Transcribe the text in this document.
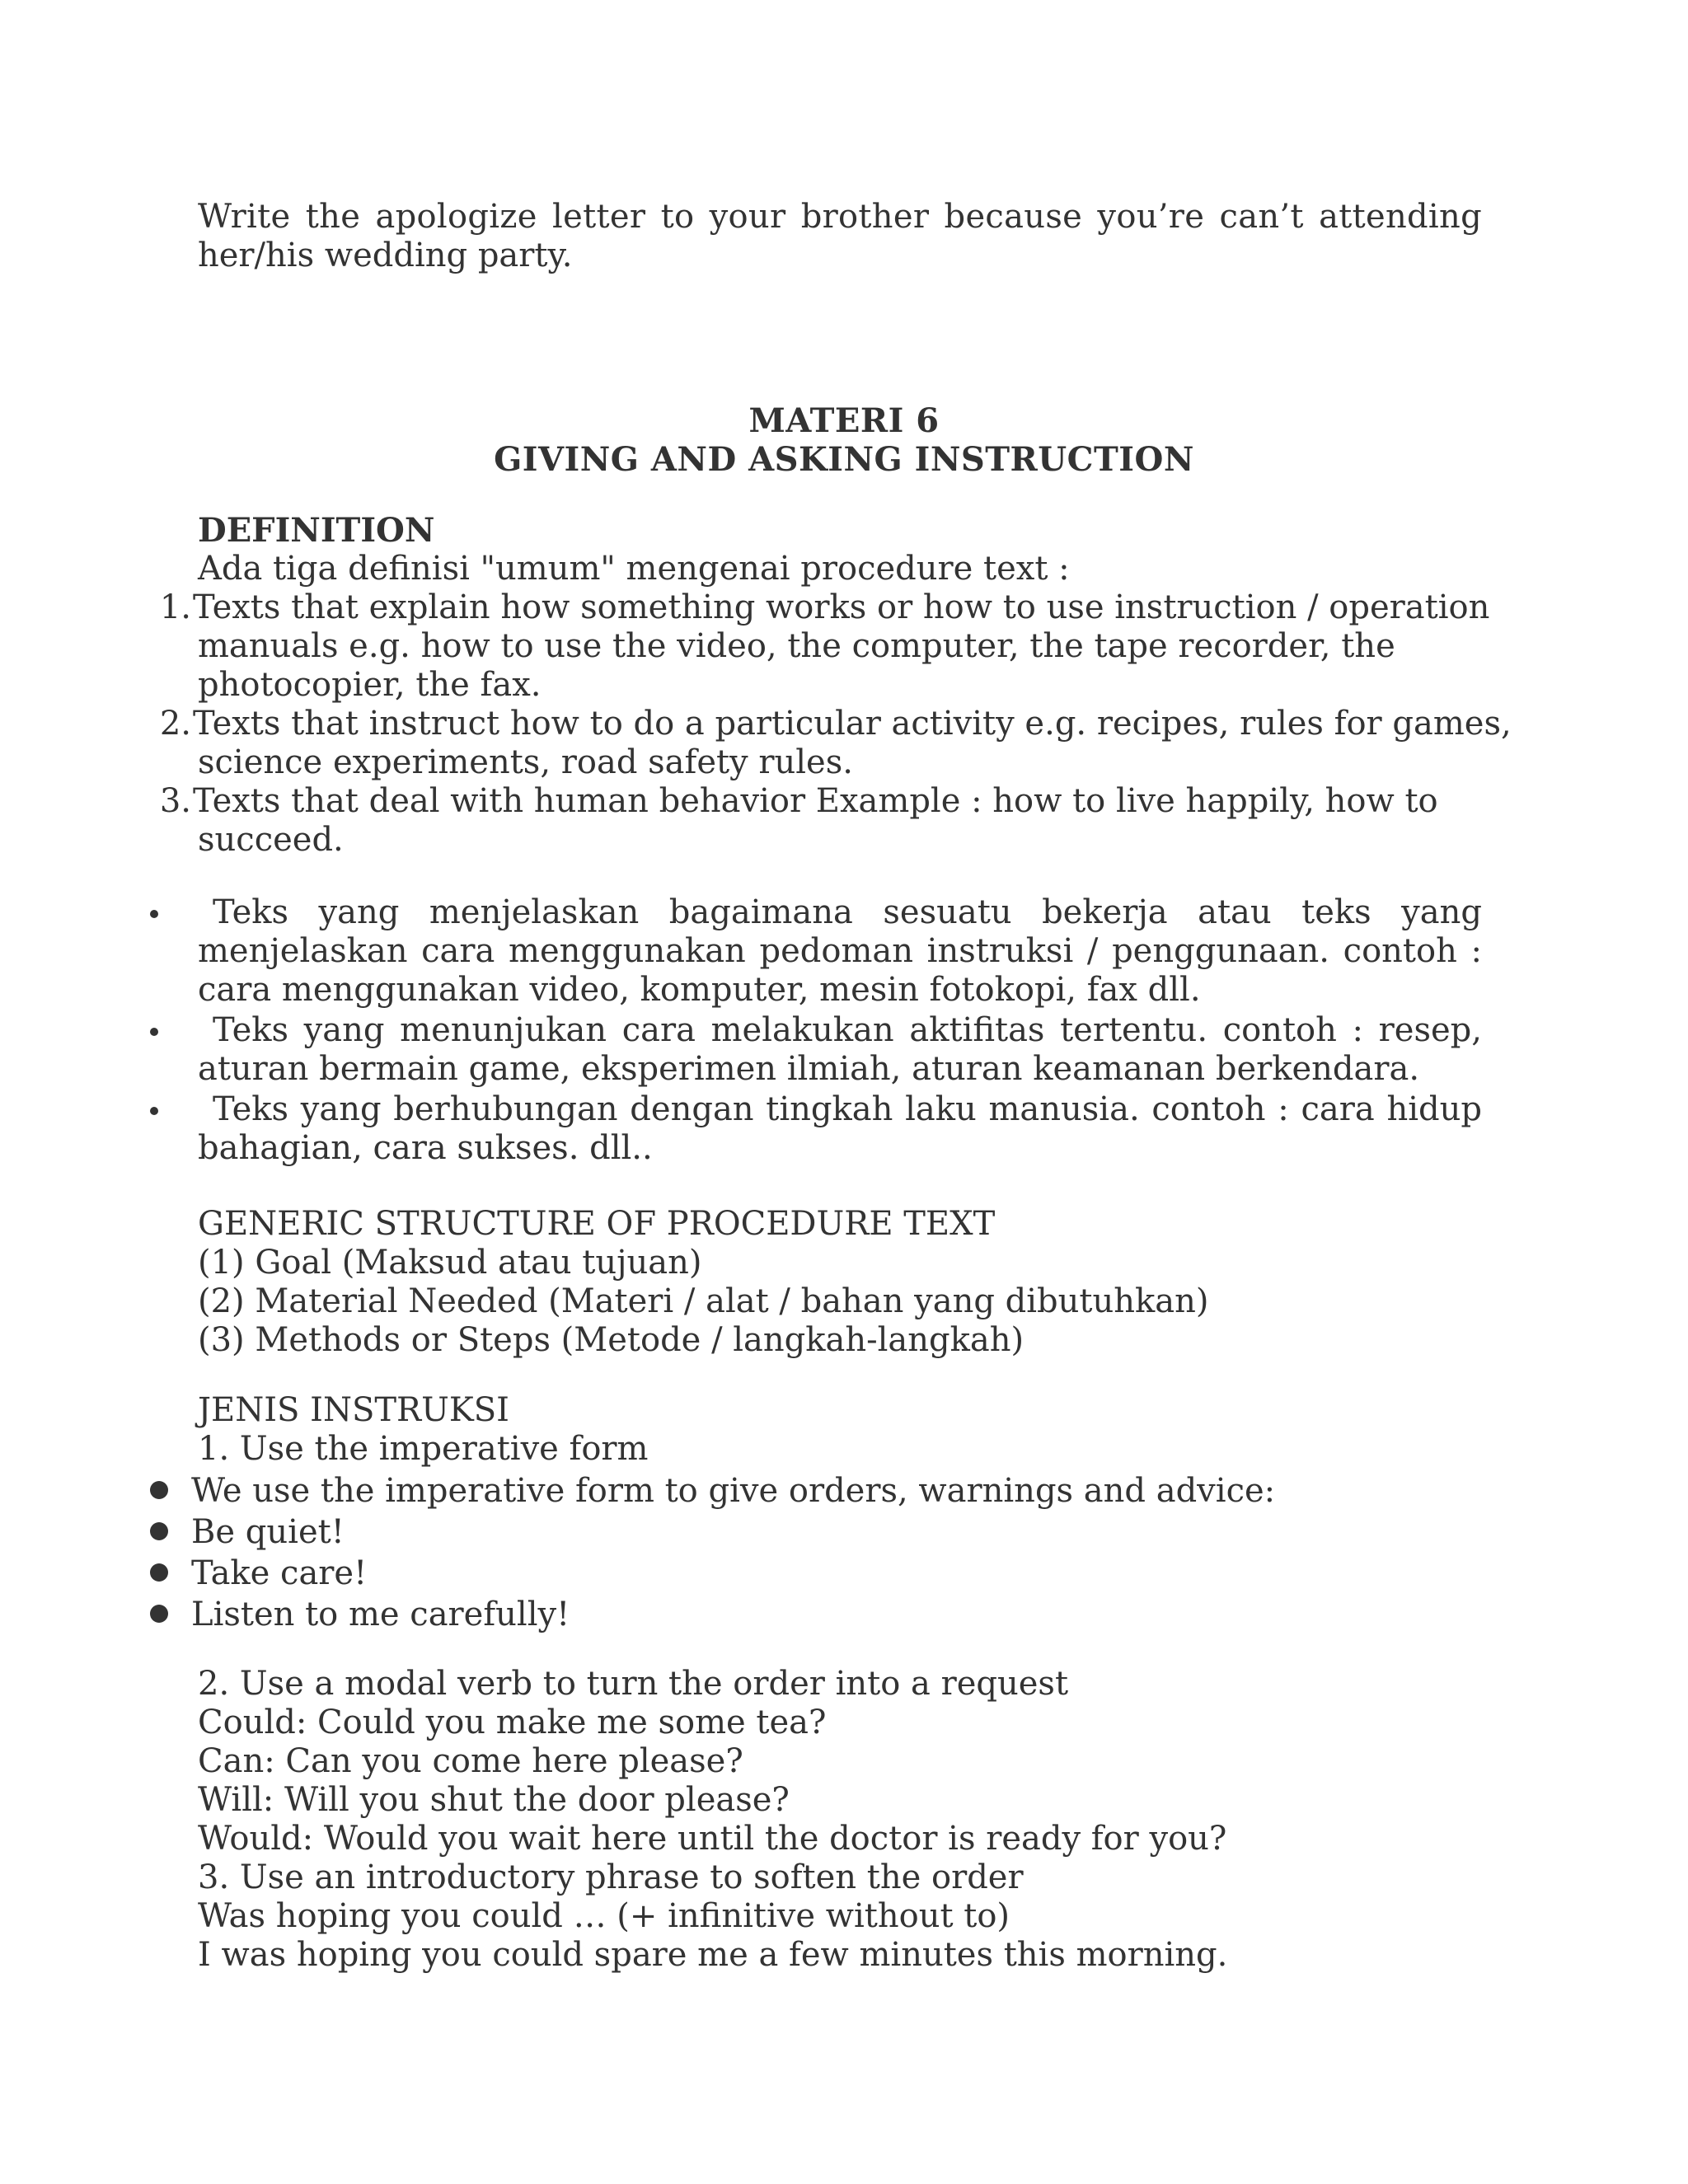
Write the apologize letter to your brother because you’re can’t attending
her/his wedding party.
MATERI 6
GIVING AND ASKING INSTRUCTION
DEFINITION
Ada tiga definisi "umum" mengenai procedure text :
1. Texts that explain how something works or how to use instruction / operation
manuals e.g. how to use the video, the computer, the tape recorder, the
photocopier, the fax.
2. Texts that instruct how to do a particular activity e.g. recipes, rules for games,
science experiments, road safety rules.
3. Texts that deal with human behavior Example : how to live happily, how to
succeed.
Teks yang menjelaskan bagaimana sesuatu bekerja atau teks yang menjelaskan cara menggunakan pedoman instruksi / penggunaan. contoh : cara menggunakan video, komputer, mesin fotokopi, fax dll.
Teks yang menunjukan cara melakukan aktifitas tertentu. contoh : resep, aturan bermain game, eksperimen ilmiah, aturan keamanan berkendara.
Teks yang berhubungan dengan tingkah laku manusia. contoh : cara hidup bahagian, cara sukses. dll..
GENERIC STRUCTURE OF PROCEDURE TEXT
(1) Goal (Maksud atau tujuan)
(2) Material Needed (Materi / alat / bahan yang dibutuhkan)
(3) Methods or Steps (Metode / langkah-langkah)
JENIS INSTRUKSI
1. Use the imperative form
We use the imperative form to give orders, warnings and advice:
Be quiet!
Take care!
Listen to me carefully!
2. Use a modal verb to turn the order into a request
Could: Could you make me some tea?
Can: Can you come here please?
Will: Will you shut the door please?
Would: Would you wait here until the doctor is ready for you?
3. Use an introductory phrase to soften the order
Was hoping you could … (+ infinitive without to)
I was hoping you could spare me a few minutes this morning.
